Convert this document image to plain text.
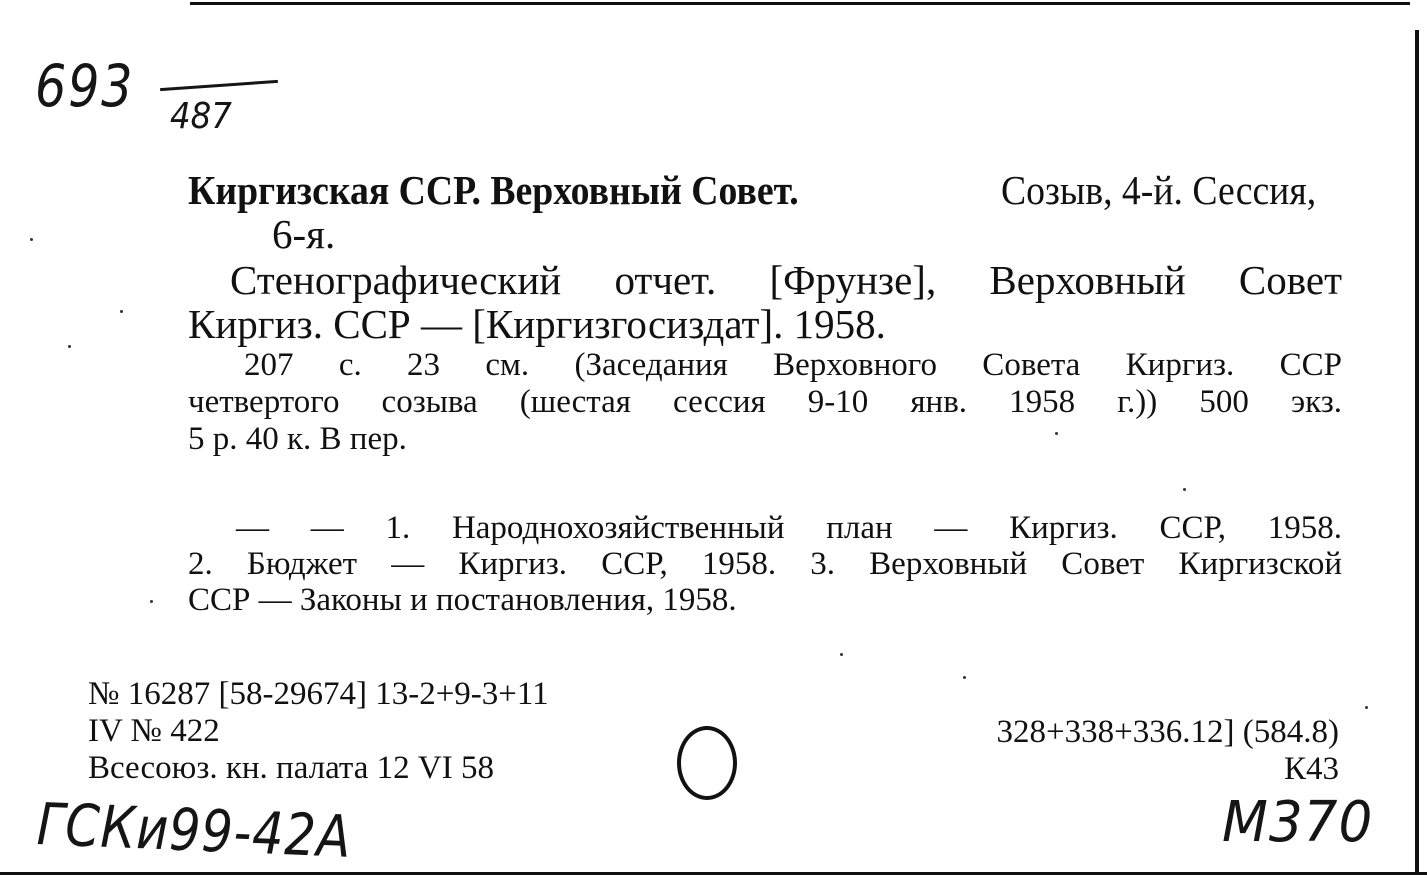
693 487
Киргизская ССР. Верховный Совет.	Созыв, 4-й. Сессия,
6-я.
Стенографический отчет. [Фрунзе], Верховный Совет
Киргиз. ССР — [Киргизгосиздат]. 1958.
207 с. 23 см. (Заседания Верховного Совета Киргиз. ССР
четвертого созыва (шестая сессия 9-10 янв. 1958 г.)) 500 экз.
5 р. 40 к. В пер.
— — 1. Народнохозяйственный план — Киргиз. ССР, 1958.
2. Бюджет — Киргиз. ССР, 1958. 3. Верховный Совет Киргизской
ССР — Законы и постановления, 1958.
№ 16287 [58-29674] 13-2+9-3+11
IV № 422
Всесоюз. кн. палата 12 VI 58
328+338+336.12] (584.8)
К43
ГСКи99-42А	М370
